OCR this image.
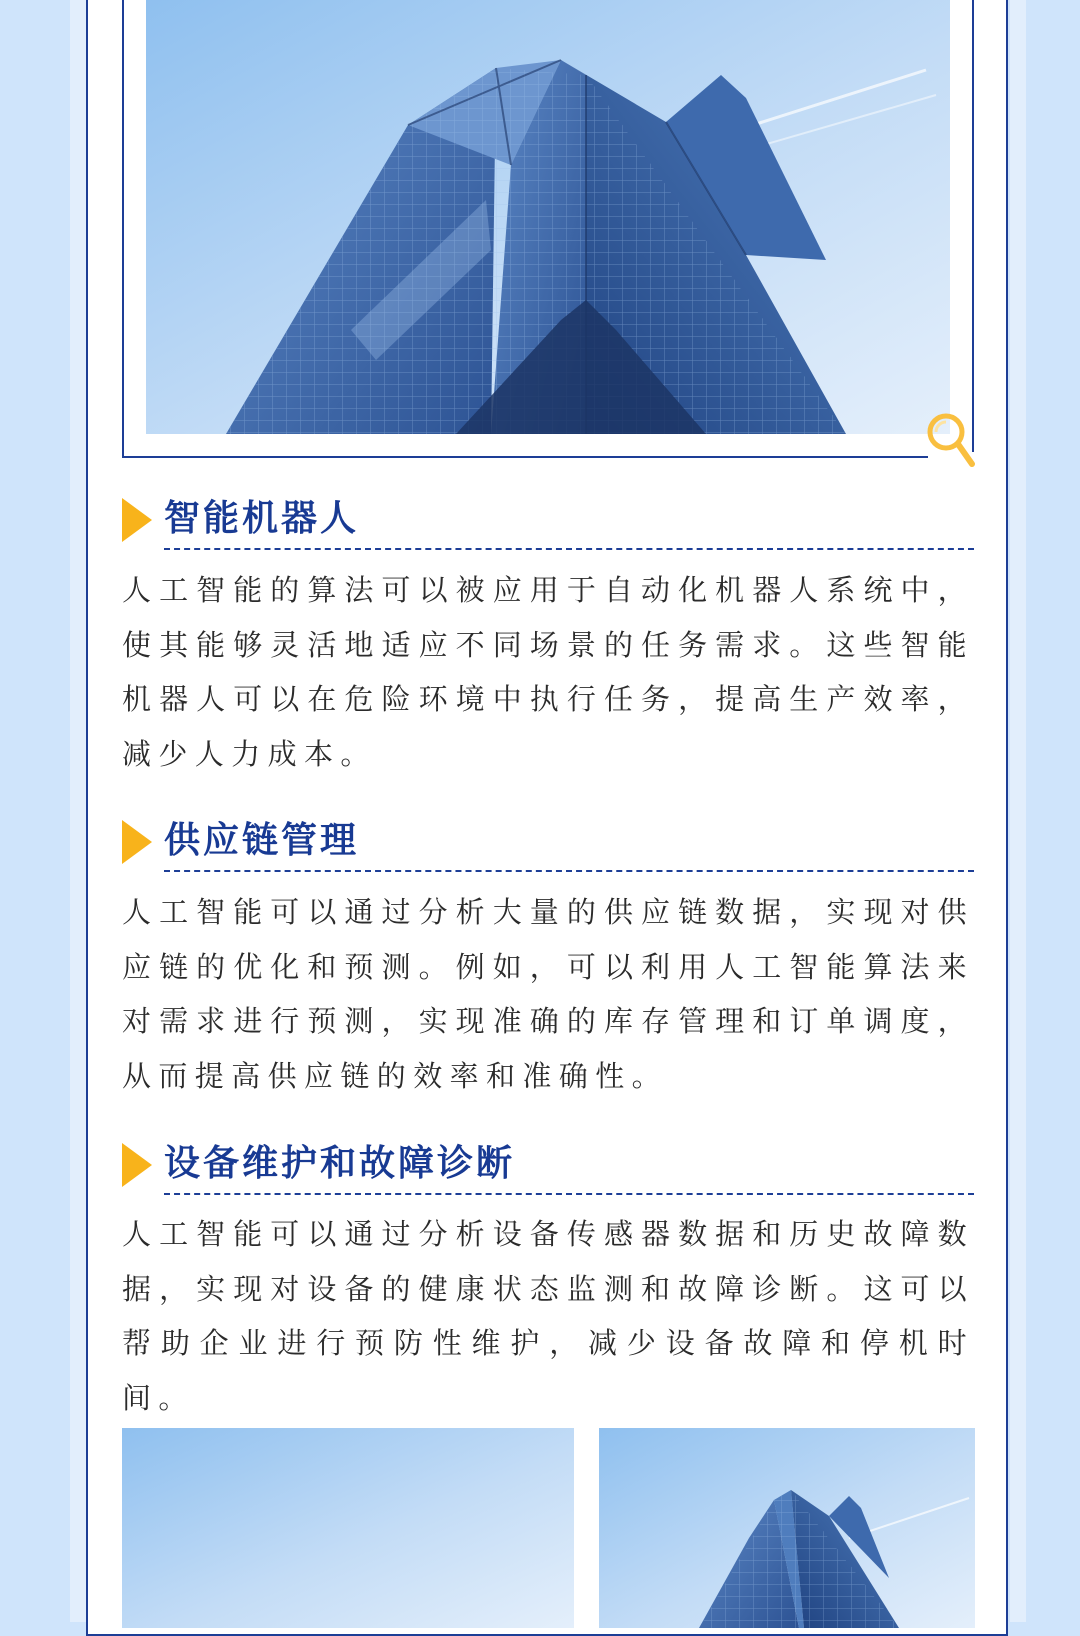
智能机器人

人工智能的算法可以被应用于自动化机器人系统中，使其能够灵活地适应不同场景的任务需求。这些智能机器人可以在危险环境中执行任务，提高生产效率，减少人力成本。

供应链管理

人工智能可以通过分析大量的供应链数据，实现对供应链的优化和预测。例如，可以利用人工智能算法来对需求进行预测，实现准确的库存管理和订单调度，从而提高供应链的效率和准确性。

设备维护和故障诊断

人工智能可以通过分析设备传感器数据和历史故障数据，实现对设备的健康状态监测和故障诊断。这可以帮助企业进行预防性维护，减少设备故障和停机时间。
